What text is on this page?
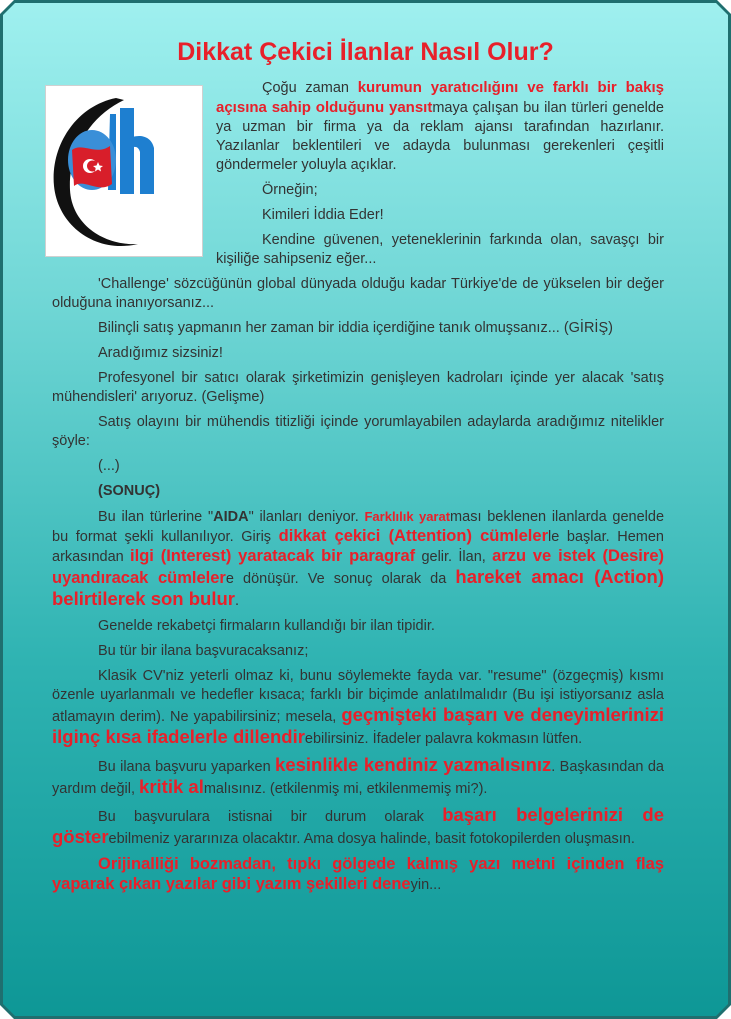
Dikkat Çekici İlanlar Nasıl Olur?

Çoğu zaman kurumun yaratıcılığını ve farklı bir bakış açısına sahip olduğunu yansıtmaya çalışan bu ilan türleri genelde ya uzman bir firma ya da reklam ajansı tarafından hazırlanır. Yazılanlar beklentileri ve adayda bulunması gerekenleri çeşitli göndermeler yoluyla açıklar.

Örneğin;

Kimileri İddia Eder!

Kendine güvenen, yeteneklerinin farkında olan, savaşçı bir kişiliğe sahipseniz eğer...

'Challenge' sözcüğünün global dünyada olduğu kadar Türkiye'de de yükselen bir değer olduğuna inanıyorsanız...

Bilinçli satış yapmanın her zaman bir iddia içerdiğine tanık olmuşsanız... (GİRİŞ)

Aradığımız sizsiniz!

Profesyonel bir satıcı olarak şirketimizin genişleyen kadroları içinde yer alacak 'satış mühendisleri' arıyoruz. (Gelişme)

Satış olayını bir mühendis titizliği içinde yorumlayabilen adaylarda aradığımız nitelikler şöyle:

(...)

(SONUÇ)

Bu ilan türlerine "AIDA" ilanları deniyor. Farklılık yaratması beklenen ilanlarda genelde bu format şekli kullanılıyor. Giriş dikkat çekici (Attention) cümlelerle başlar. Hemen arkasından ilgi (Interest) yaratacak bir paragraf gelir. İlan, arzu ve istek (Desire) uyandıracak cümlelere dönüşür. Ve sonuç olarak da hareket amacı (Action) belirtilerek son bulur.

Genelde rekabetçi firmaların kullandığı bir ilan tipidir.

Bu tür bir ilana başvuracaksanız;

Klasik CV'niz yeterli olmaz ki, bunu söylemekte fayda var. "resume" (özgeçmiş) kısmı özenle uyarlanmalı ve hedefler kısaca; farklı bir biçimde anlatılmalıdır (Bu işi istiyorsanız asla atlamayın derim). Ne yapabilirsiniz; mesela, geçmişteki başarı ve deneyimlerinizi ilginç kısa ifadelerle dillendirebilirsiniz. İfadeler palavra kokmasın lütfen.

Bu ilana başvuru yaparken kesinlikle kendiniz yazmalısınız. Başkasından da yardım değil, kritik almalısınız. (etkilenmiş mi, etkilenmemiş mi?).

Bu başvurulara istisnai bir durum olarak başarı belgelerinizi de gösterebilmeniz yararınıza olacaktır. Ama dosya halinde, basit fotokopilerden oluşmasın.

Orijinalliği bozmadan, tıpkı gölgede kalmış yazı metni içinden flaş yaparak çıkan yazılar gibi yazım şekilleri deneyin...
